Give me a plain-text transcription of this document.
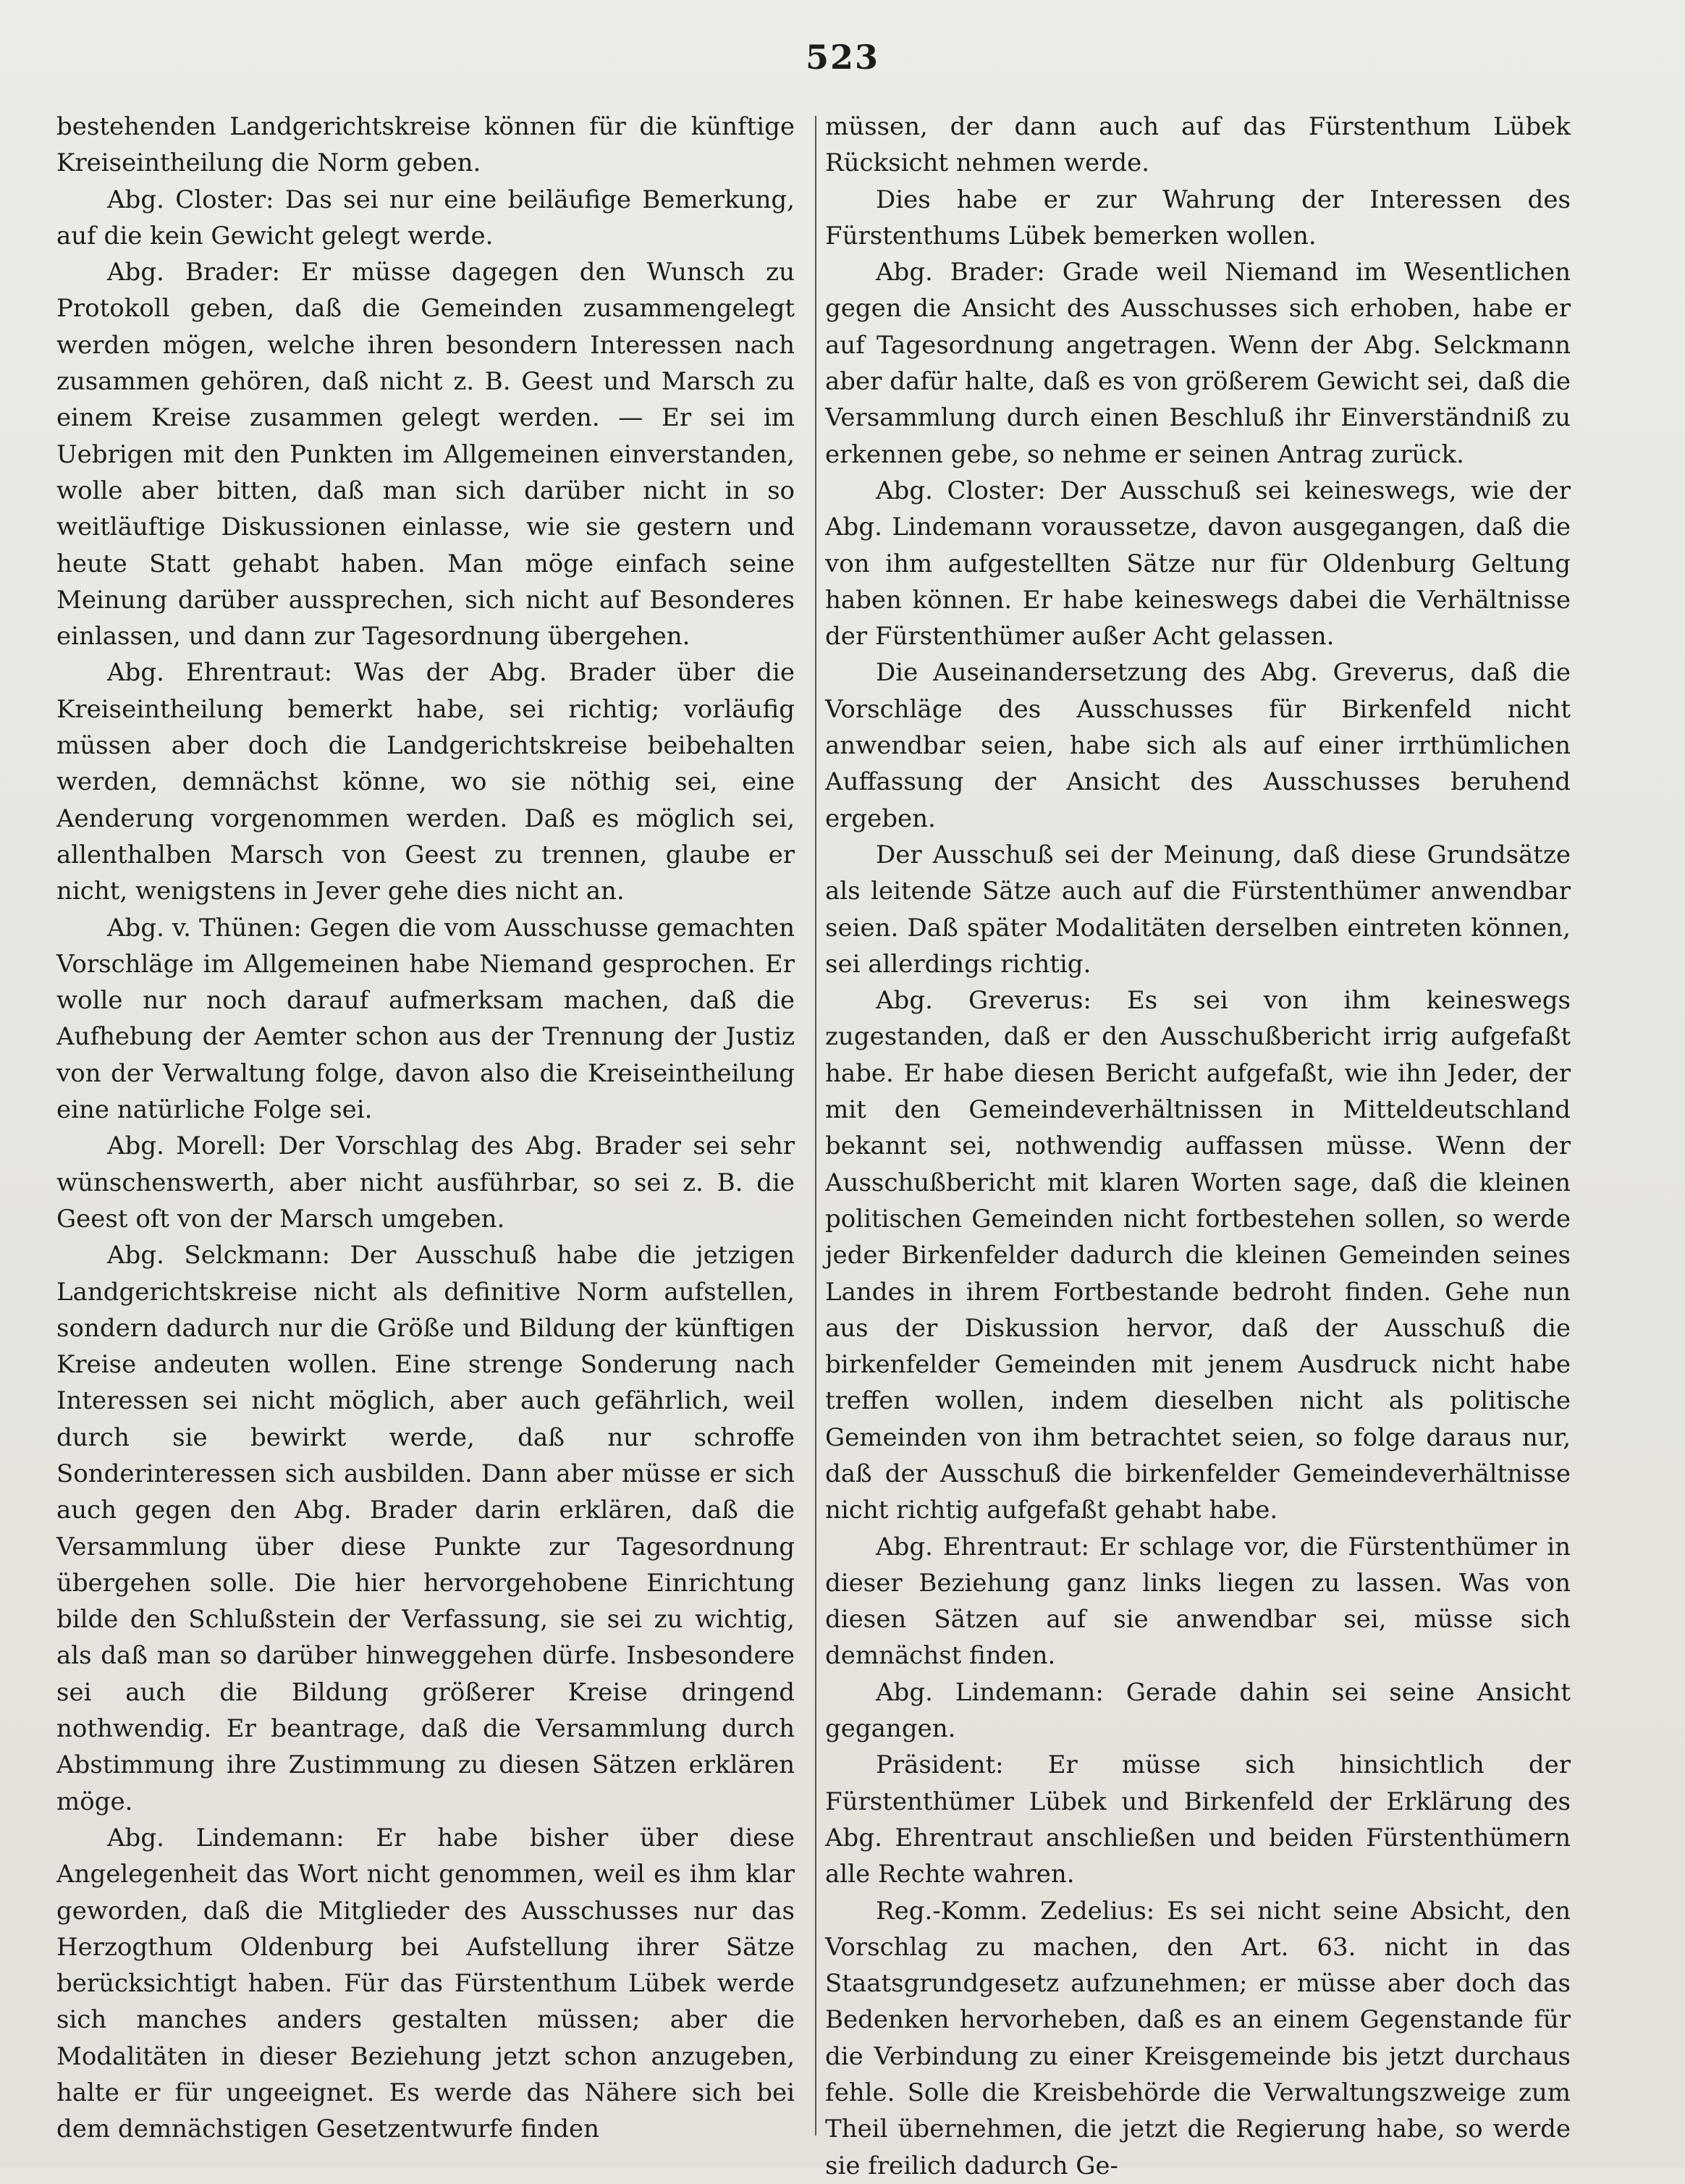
523

bestehenden Landgerichtskreise können für die künftige Kreiseintheilung die Norm geben.

Abg. Closter: Das sei nur eine beiläufige Bemerkung, auf die kein Gewicht gelegt werde.

Abg. Brader: Er müsse dagegen den Wunsch zu Protokoll geben, daß die Gemeinden zusammengelegt werden mögen, welche ihren besondern Interessen nach zusammen gehören, daß nicht z. B. Geest und Marsch zu einem Kreise zusammen gelegt werden. — Er sei im Uebrigen mit den Punkten im Allgemeinen einverstanden, wolle aber bitten, daß man sich darüber nicht in so weitläuftige Diskussionen einlasse, wie sie gestern und heute Statt gehabt haben. Man möge einfach seine Meinung darüber aussprechen, sich nicht auf Besonderes einlassen, und dann zur Tagesordnung übergehen.

Abg. Ehrentraut: Was der Abg. Brader über die Kreiseintheilung bemerkt habe, sei richtig; vorläufig müssen aber doch die Landgerichtskreise beibehalten werden, demnächst könne, wo sie nöthig sei, eine Aenderung vorgenommen werden. Daß es möglich sei, allenthalben Marsch von Geest zu trennen, glaube er nicht, wenigstens in Jever gehe dies nicht an.

Abg. v. Thünen: Gegen die vom Ausschusse gemachten Vorschläge im Allgemeinen habe Niemand gesprochen. Er wolle nur noch darauf aufmerksam machen, daß die Aufhebung der Aemter schon aus der Trennung der Justiz von der Verwaltung folge, davon also die Kreiseintheilung eine natürliche Folge sei.

Abg. Morell: Der Vorschlag des Abg. Brader sei sehr wünschenswerth, aber nicht ausführbar, so sei z. B. die Geest oft von der Marsch umgeben.

Abg. Selckmann: Der Ausschuß habe die jetzigen Landgerichtskreise nicht als definitive Norm aufstellen, sondern dadurch nur die Größe und Bildung der künftigen Kreise andeuten wollen. Eine strenge Sonderung nach Interessen sei nicht möglich, aber auch gefährlich, weil durch sie bewirkt werde, daß nur schroffe Sonderinteressen sich ausbilden. Dann aber müsse er sich auch gegen den Abg. Brader darin erklären, daß die Versammlung über diese Punkte zur Tagesordnung übergehen solle. Die hier hervorgehobene Einrichtung bilde den Schlußstein der Verfassung, sie sei zu wichtig, als daß man so darüber hinweggehen dürfe. Insbesondere sei auch die Bildung größerer Kreise dringend nothwendig. Er beantrage, daß die Versammlung durch Abstimmung ihre Zustimmung zu diesen Sätzen erklären möge.

Abg. Lindemann: Er habe bisher über diese Angelegenheit das Wort nicht genommen, weil es ihm klar geworden, daß die Mitglieder des Ausschusses nur das Herzogthum Oldenburg bei Aufstellung ihrer Sätze berücksichtigt haben. Für das Fürstenthum Lübek werde sich manches anders gestalten müssen; aber die Modalitäten in dieser Beziehung jetzt schon anzugeben, halte er für ungeeignet. Es werde das Nähere sich bei dem demnächstigen Gesetzentwurfe finden

müssen, der dann auch auf das Fürstenthum Lübek Rücksicht nehmen werde.

Dies habe er zur Wahrung der Interessen des Fürstenthums Lübek bemerken wollen.

Abg. Brader: Grade weil Niemand im Wesentlichen gegen die Ansicht des Ausschusses sich erhoben, habe er auf Tagesordnung angetragen. Wenn der Abg. Selckmann aber dafür halte, daß es von größerem Gewicht sei, daß die Versammlung durch einen Beschluß ihr Einverständniß zu erkennen gebe, so nehme er seinen Antrag zurück.

Abg. Closter: Der Ausschuß sei keineswegs, wie der Abg. Lindemann voraussetze, davon ausgegangen, daß die von ihm aufgestellten Sätze nur für Oldenburg Geltung haben können. Er habe keineswegs dabei die Verhältnisse der Fürstenthümer außer Acht gelassen.

Die Auseinandersetzung des Abg. Greverus, daß die Vorschläge des Ausschusses für Birkenfeld nicht anwendbar seien, habe sich als auf einer irrthümlichen Auffassung der Ansicht des Ausschusses beruhend ergeben.

Der Ausschuß sei der Meinung, daß diese Grundsätze als leitende Sätze auch auf die Fürstenthümer anwendbar seien. Daß später Modalitäten derselben eintreten können, sei allerdings richtig.

Abg. Greverus: Es sei von ihm keineswegs zugestanden, daß er den Ausschußbericht irrig aufgefaßt habe. Er habe diesen Bericht aufgefaßt, wie ihn Jeder, der mit den Gemeindeverhältnissen in Mitteldeutschland bekannt sei, nothwendig auffassen müsse. Wenn der Ausschußbericht mit klaren Worten sage, daß die kleinen politischen Gemeinden nicht fortbestehen sollen, so werde jeder Birkenfelder dadurch die kleinen Gemeinden seines Landes in ihrem Fortbestande bedroht finden. Gehe nun aus der Diskussion hervor, daß der Ausschuß die birkenfelder Gemeinden mit jenem Ausdruck nicht habe treffen wollen, indem dieselben nicht als politische Gemeinden von ihm betrachtet seien, so folge daraus nur, daß der Ausschuß die birkenfelder Gemeindeverhältnisse nicht richtig aufgefaßt gehabt habe.

Abg. Ehrentraut: Er schlage vor, die Fürstenthümer in dieser Beziehung ganz links liegen zu lassen. Was von diesen Sätzen auf sie anwendbar sei, müsse sich demnächst finden.

Abg. Lindemann: Gerade dahin sei seine Ansicht gegangen.

Präsident: Er müsse sich hinsichtlich der Fürstenthümer Lübek und Birkenfeld der Erklärung des Abg. Ehrentraut anschließen und beiden Fürstenthümern alle Rechte wahren.

Reg.-Komm. Zedelius: Es sei nicht seine Absicht, den Vorschlag zu machen, den Art. 63. nicht in das Staatsgrundgesetz aufzunehmen; er müsse aber doch das Bedenken hervorheben, daß es an einem Gegenstande für die Verbindung zu einer Kreisgemeinde bis jetzt durchaus fehle. Solle die Kreisbehörde die Verwaltungszweige zum Theil übernehmen, die jetzt die Regierung habe, so werde sie freilich dadurch Ge-
